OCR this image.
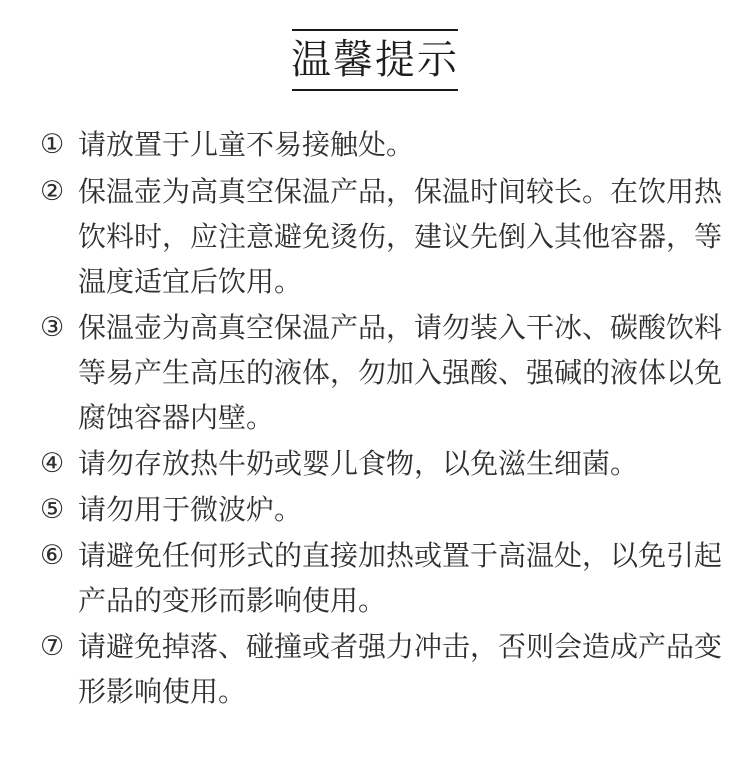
温馨提示
① 请放置于儿童不易接触处。
② 保温壶为高真空保温产品，保温时间较长。在饮用热饮料时，应注意避免烫伤，建议先倒入其他容器，等温度适宜后饮用。
③ 保温壶为高真空保温产品，请勿装入干冰、碳酸饮料等易产生高压的液体，勿加入强酸、强碱的液体以免腐蚀容器内壁。
④ 请勿存放热牛奶或婴儿食物，以免滋生细菌。
⑤ 请勿用于微波炉。
⑥ 请避免任何形式的直接加热或置于高温处，以免引起产品的变形而影响使用。
⑦ 请避免掉落、碰撞或者强力冲击，否则会造成产品变形影响使用。
